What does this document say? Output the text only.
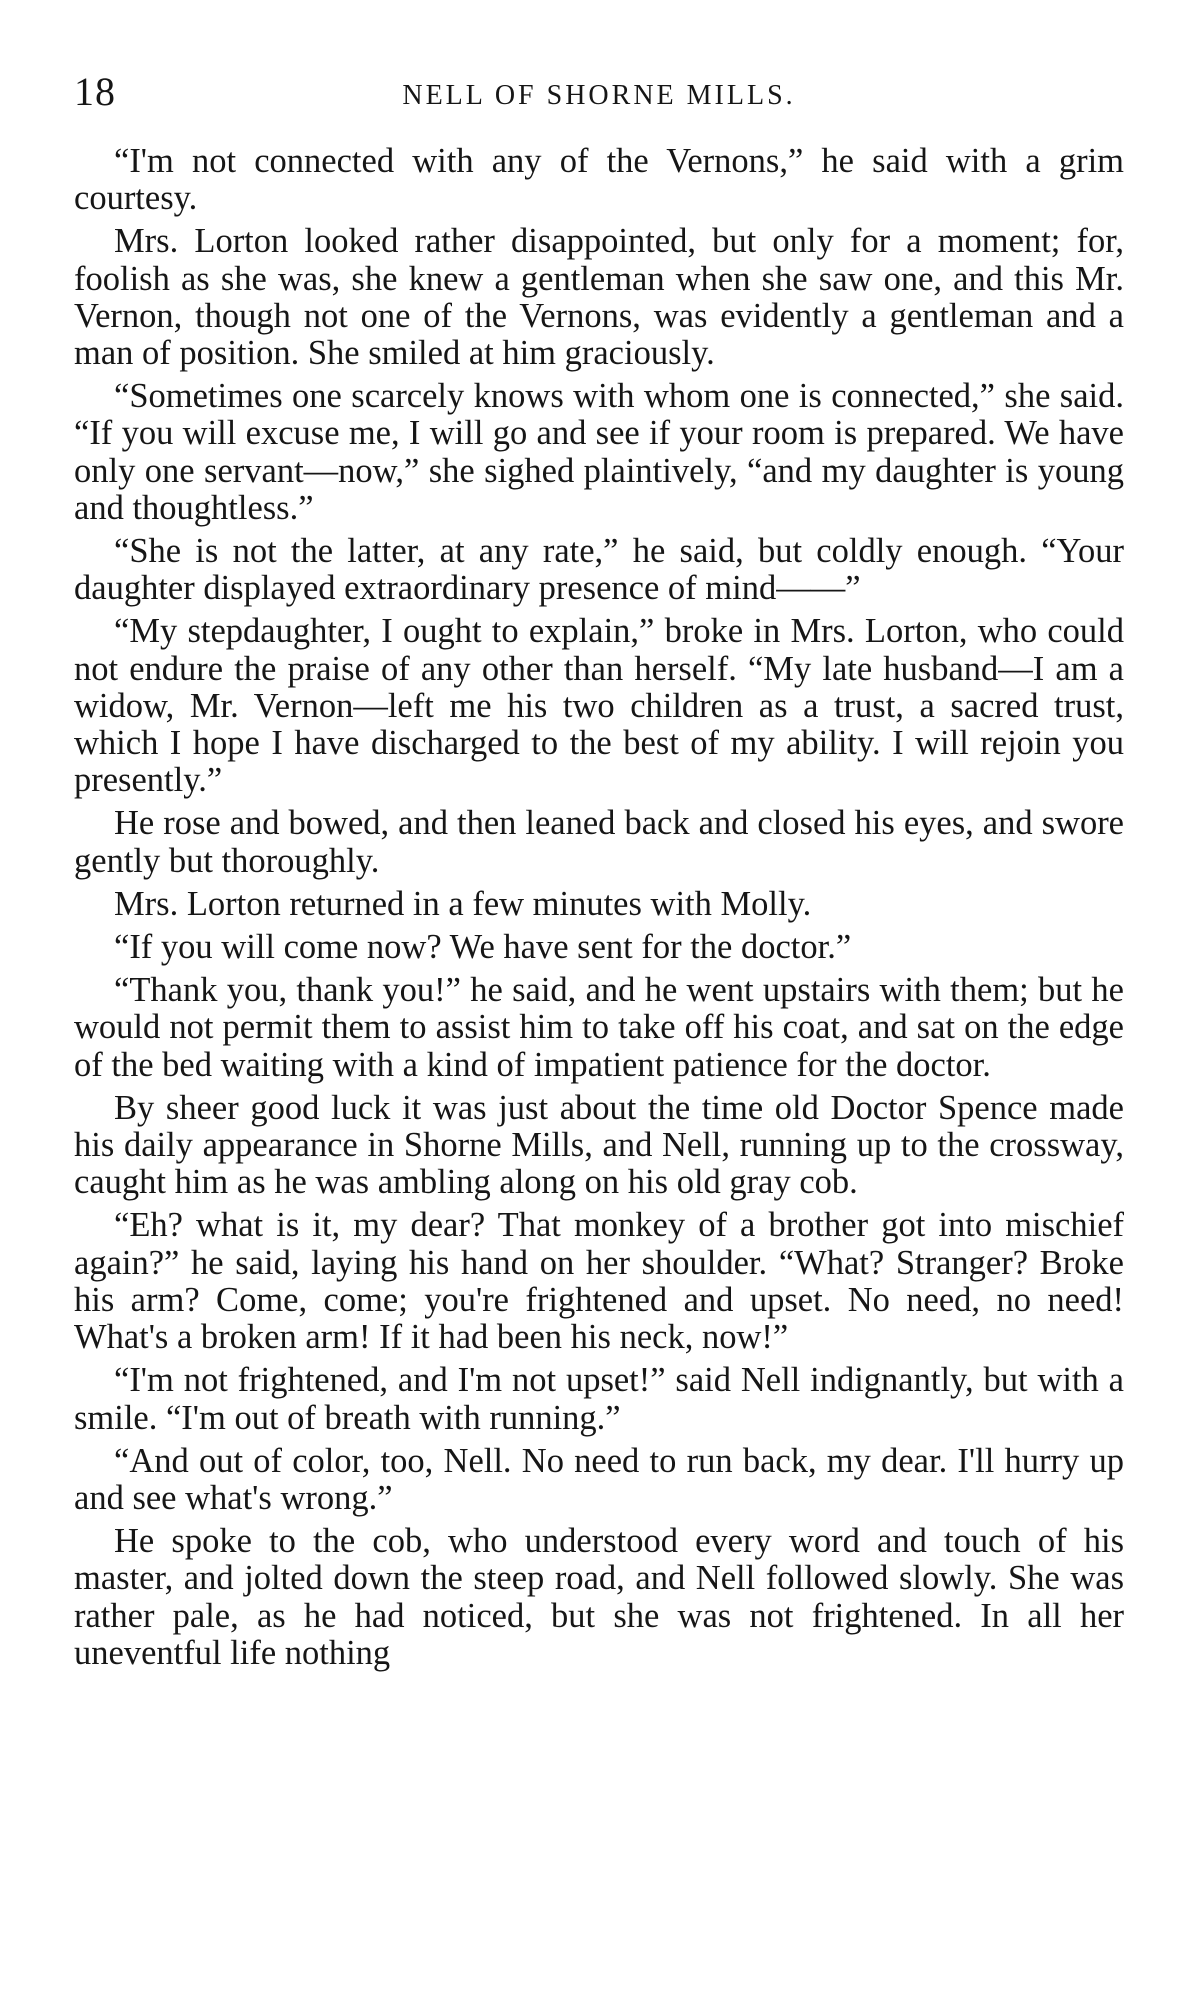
18	NELL OF SHORNE MILLS.

“I'm not connected with any of the Vernons,” he said with a grim courtesy.

Mrs. Lorton looked rather disappointed, but only for a moment; for, foolish as she was, she knew a gentleman when she saw one, and this Mr. Vernon, though not one of the Vernons, was evidently a gentleman and a man of position. She smiled at him graciously.

“Sometimes one scarcely knows with whom one is connected,” she said. “If you will excuse me, I will go and see if your room is prepared. We have only one servant—now,” she sighed plaintively, “and my daughter is young and thoughtless.”

“She is not the latter, at any rate,” he said, but coldly enough. “Your daughter displayed extraordinary presence of mind——”

“My stepdaughter, I ought to explain,” broke in Mrs. Lorton, who could not endure the praise of any other than herself. “My late husband—I am a widow, Mr. Vernon—left me his two children as a trust, a sacred trust, which I hope I have discharged to the best of my ability. I will rejoin you presently.”

He rose and bowed, and then leaned back and closed his eyes, and swore gently but thoroughly.

Mrs. Lorton returned in a few minutes with Molly.

“If you will come now? We have sent for the doctor.”

“Thank you, thank you!” he said, and he went upstairs with them; but he would not permit them to assist him to take off his coat, and sat on the edge of the bed waiting with a kind of impatient patience for the doctor.

By sheer good luck it was just about the time old Doctor Spence made his daily appearance in Shorne Mills, and Nell, running up to the crossway, caught him as he was ambling along on his old gray cob.

“Eh? what is it, my dear? That monkey of a brother got into mischief again?” he said, laying his hand on her shoulder. “What? Stranger? Broke his arm? Come, come; you're frightened and upset. No need, no need! What's a broken arm! If it had been his neck, now!”

“I'm not frightened, and I'm not upset!” said Nell indignantly, but with a smile. “I'm out of breath with running.”

“And out of color, too, Nell. No need to run back, my dear. I'll hurry up and see what's wrong.”

He spoke to the cob, who understood every word and touch of his master, and jolted down the steep road, and Nell followed slowly. She was rather pale, as he had noticed, but she was not frightened. In all her uneventful life nothing
